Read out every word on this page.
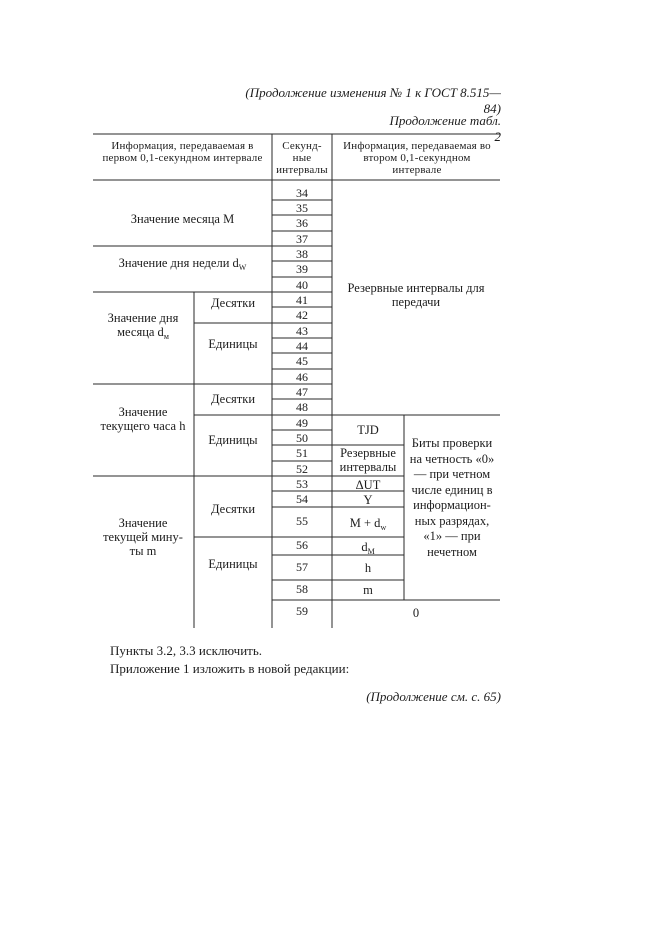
(Продолжение изменения № 1 к ГОСТ 8.515—84)
Продолжение табл. 2
Информация, передаваемая в первом 0,1-секундном интервале
Секунд-ные интервалы
Информация, передаваемая во втором 0,1-секундном интервале
Значение месяца M
Значение дня недели $d_W$
Значение дня месяца $d_м$
Значение текущего часа h
Значение текущей мину-ты m
Десятки
Единицы
Десятки
Единицы
Десятки
Единицы
34
35
36
37
38
39
40
41
42
43
44
45
46
47
48
49
50
51
52
53
54
55
56
57
58
59
Резервные интервалы для передачи
TJD
Резервные интервалы
ΔUT
Y
$M + d_w$
$d_M$
h
m
Биты проверки на четность «0» — при четном числе единиц в информацион-ных разрядах, «1» — при нечетном
0
Пункты 3.2, 3.3 исключить.
Приложение 1 изложить в новой редакции:
(Продолжение см. с. 65)
